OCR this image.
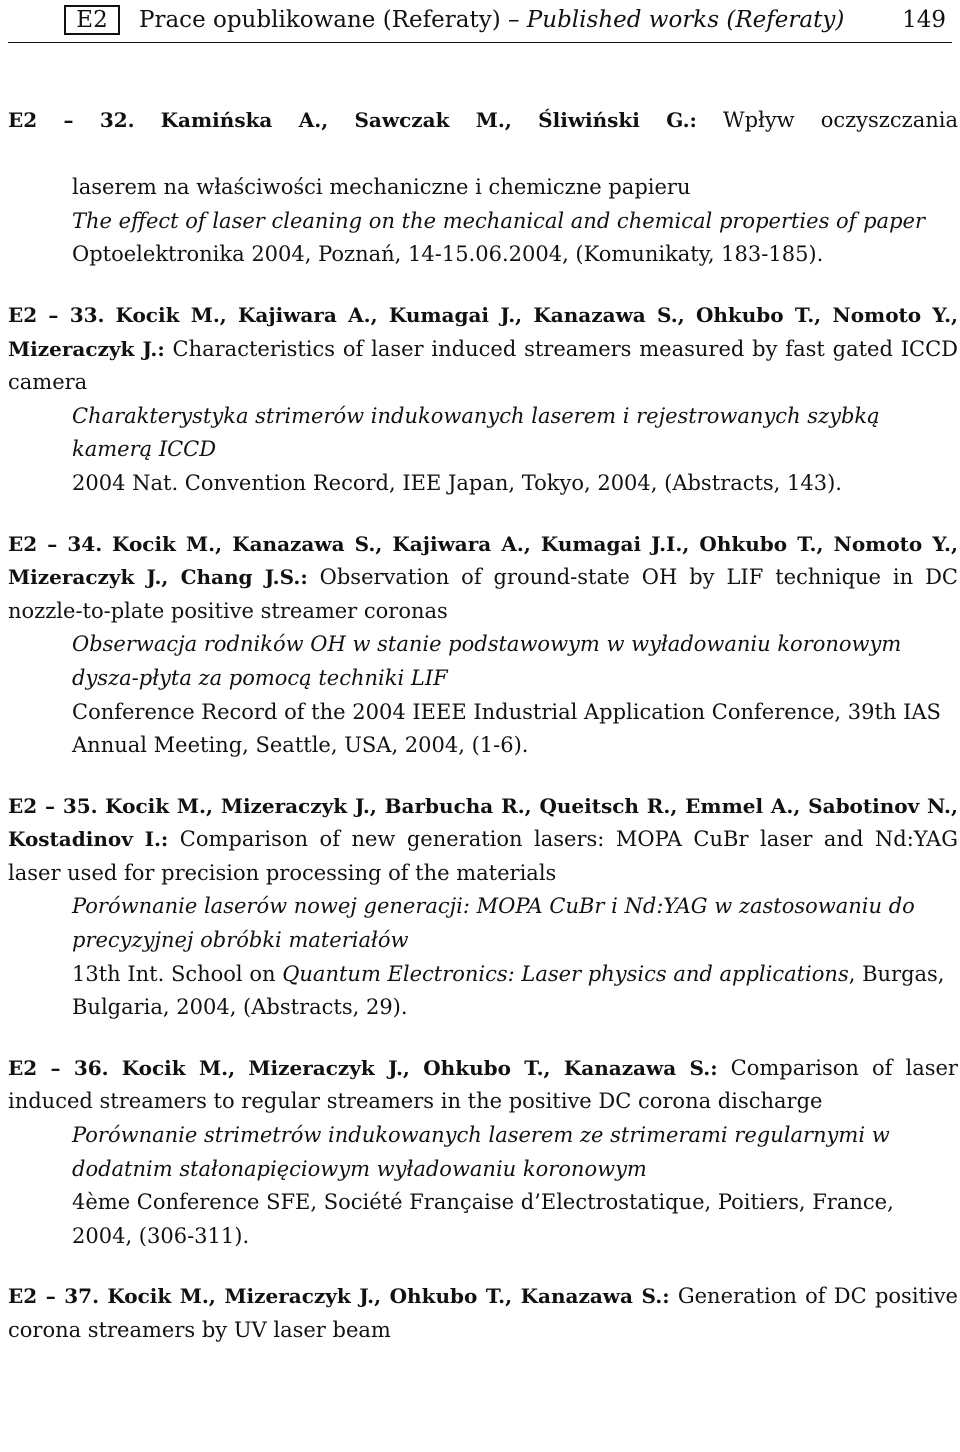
E2	Prace opublikowane (Referaty) – Published works (Referaty)	149
E2 – 32. Kamińska A., Sawczak M., Śliwiński G.: Wpływ oczyszczania
laserem na właściwości mechaniczne i chemiczne papieru
The effect of laser cleaning on the mechanical and chemical properties of paper
Optoelektronika 2004, Poznań, 14-15.06.2004, (Komunikaty, 183-185).
E2 – 33. Kocik M., Kajiwara A., Kumagai J., Kanazawa S., Ohkubo T., Nomoto Y., Mizeraczyk J.: Characteristics of laser induced streamers measured by fast gated ICCD camera
Charakterystyka strimerów indukowanych laserem i rejestrowanych szybką kamerą ICCD
2004 Nat. Convention Record, IEE Japan, Tokyo, 2004, (Abstracts, 143).
E2 – 34. Kocik M., Kanazawa S., Kajiwara A., Kumagai J.I., Ohkubo T., Nomoto Y., Mizeraczyk J., Chang J.S.: Observation of ground-state OH by LIF technique in DC nozzle-to-plate positive streamer coronas
Obserwacja rodników OH w stanie podstawowym w wyładowaniu koronowym dysza-płyta za pomocą techniki LIF
Conference Record of the 2004 IEEE Industrial Application Conference, 39th IAS Annual Meeting, Seattle, USA, 2004, (1-6).
E2 – 35. Kocik M., Mizeraczyk J., Barbucha R., Queitsch R., Emmel A., Sabotinov N., Kostadinov I.: Comparison of new generation lasers: MOPA CuBr laser and Nd:YAG laser used for precision processing of the materials
Porównanie laserów nowej generacji: MOPA CuBr i Nd:YAG w zastosowaniu do precyzyjnej obróbki materiałów
13th Int. School on Quantum Electronics: Laser physics and applications, Burgas, Bulgaria, 2004, (Abstracts, 29).
E2 – 36. Kocik M., Mizeraczyk J., Ohkubo T., Kanazawa S.: Comparison of laser induced streamers to regular streamers in the positive DC corona discharge
Porównanie strimetrów indukowanych laserem ze strimerami regularnymi w dodatnim stałonapięciowym wyładowaniu koronowym
4ème Conference SFE, Société Française d’Electrostatique, Poitiers, France, 2004, (306-311).
E2 – 37. Kocik M., Mizeraczyk J., Ohkubo T., Kanazawa S.: Generation of DC positive corona streamers by UV laser beam
